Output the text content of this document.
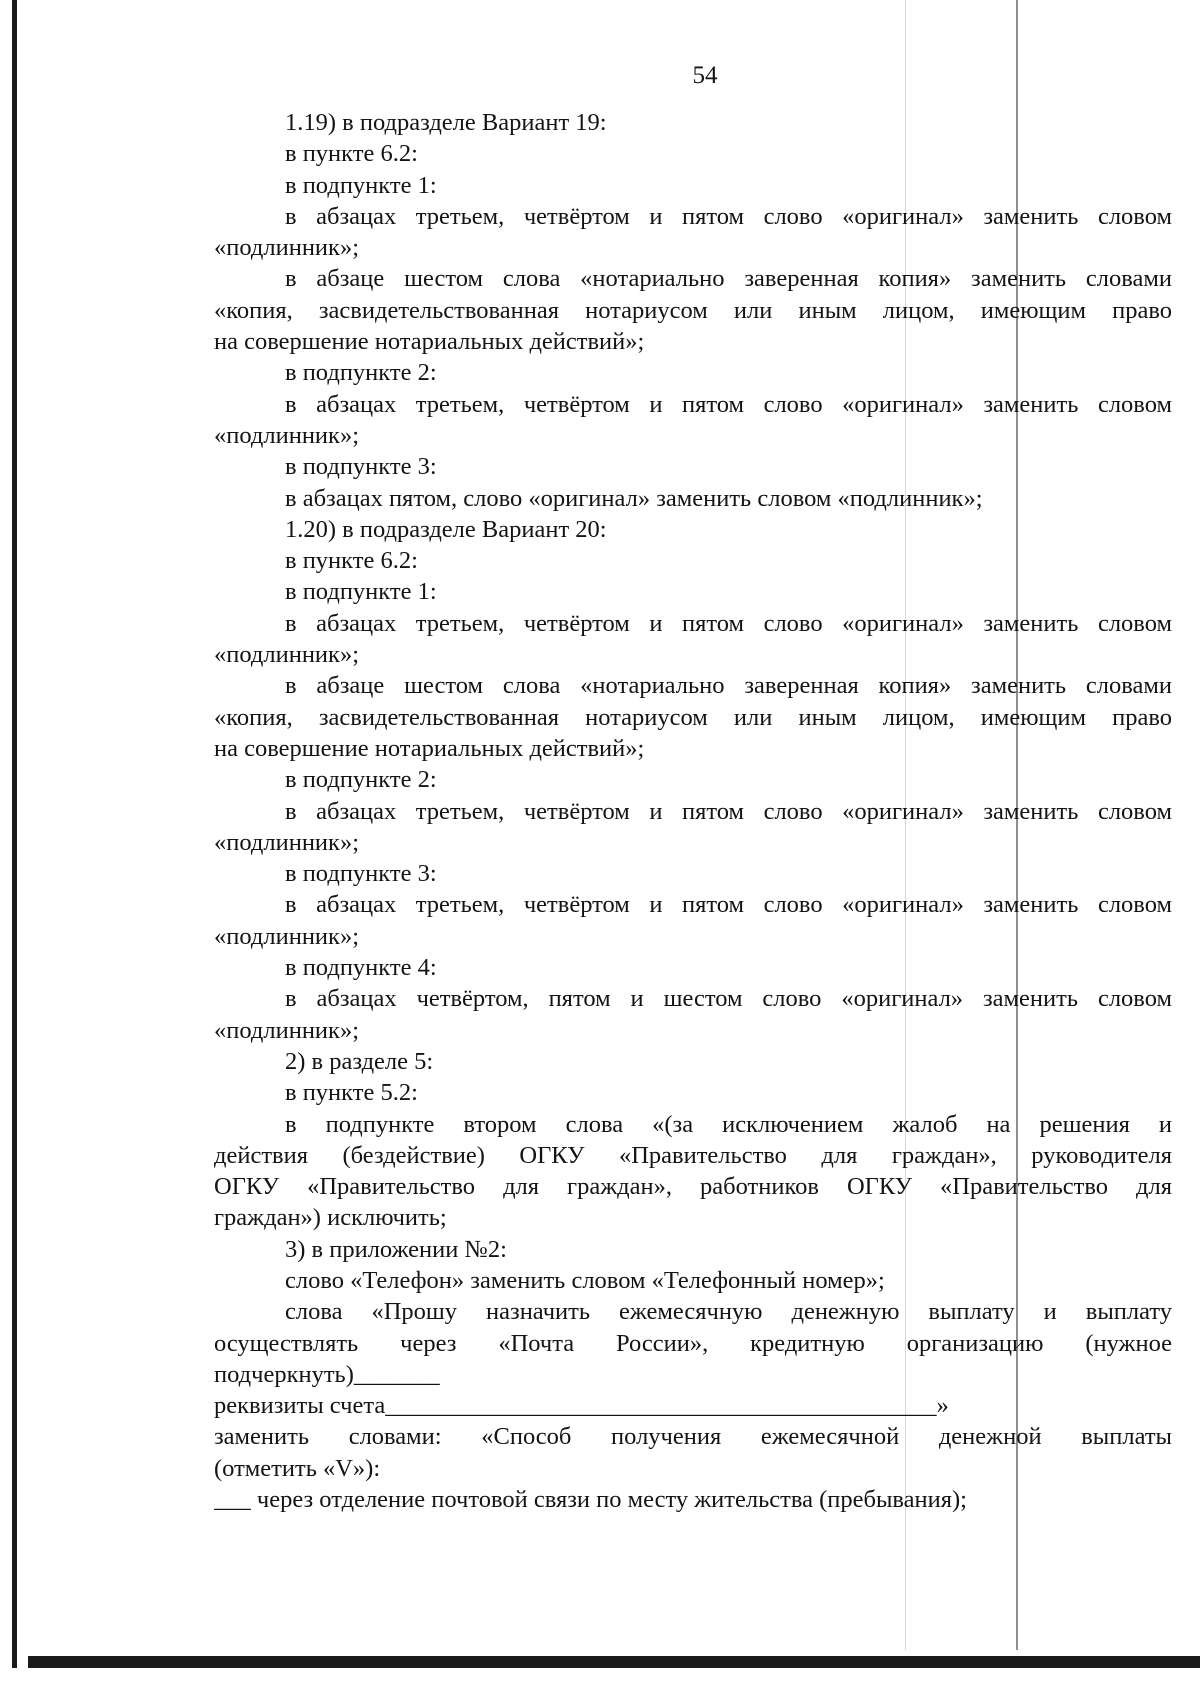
54
1.19) в подразделе Вариант 19:
в пункте 6.2:
в подпункте 1:
в абзацах третьем, четвёртом и пятом слово «оригинал» заменить словом
«подлинник»;
в абзаце шестом слова «нотариально заверенная копия» заменить словами
«копия, засвидетельствованная нотариусом или иным лицом, имеющим право
на совершение нотариальных действий»;
в подпункте 2:
в абзацах третьем, четвёртом и пятом слово «оригинал» заменить словом
«подлинник»;
в подпункте 3:
в абзацах пятом, слово «оригинал» заменить словом «подлинник»;
1.20) в подразделе Вариант 20:
в пункте 6.2:
в подпункте 1:
в абзацах третьем, четвёртом и пятом слово «оригинал» заменить словом
«подлинник»;
в абзаце шестом слова «нотариально заверенная копия» заменить словами
«копия, засвидетельствованная нотариусом или иным лицом, имеющим право
на совершение нотариальных действий»;
в подпункте 2:
в абзацах третьем, четвёртом и пятом слово «оригинал» заменить словом
«подлинник»;
в подпункте 3:
в абзацах третьем, четвёртом и пятом слово «оригинал» заменить словом
«подлинник»;
в подпункте 4:
в абзацах четвёртом, пятом и шестом слово «оригинал» заменить словом
«подлинник»;
2) в разделе 5:
в пункте 5.2:
в подпункте втором слова «(за исключением жалоб на решения и
действия (бездействие) ОГКУ «Правительство для граждан», руководителя
ОГКУ «Правительство для граждан», работников ОГКУ «Правительство для
граждан») исключить;
3) в приложении №2:
слово «Телефон» заменить словом «Телефонный номер»;
слова «Прошу назначить ежемесячную денежную выплату и выплату
осуществлять через «Почта России», кредитную организацию (нужное
подчеркнуть)_______
реквизиты счета_____________________________________________»
заменить словами: «Способ получения ежемесячной денежной выплаты
(отметить «V»):
___ через отделение почтовой связи по месту жительства (пребывания);
